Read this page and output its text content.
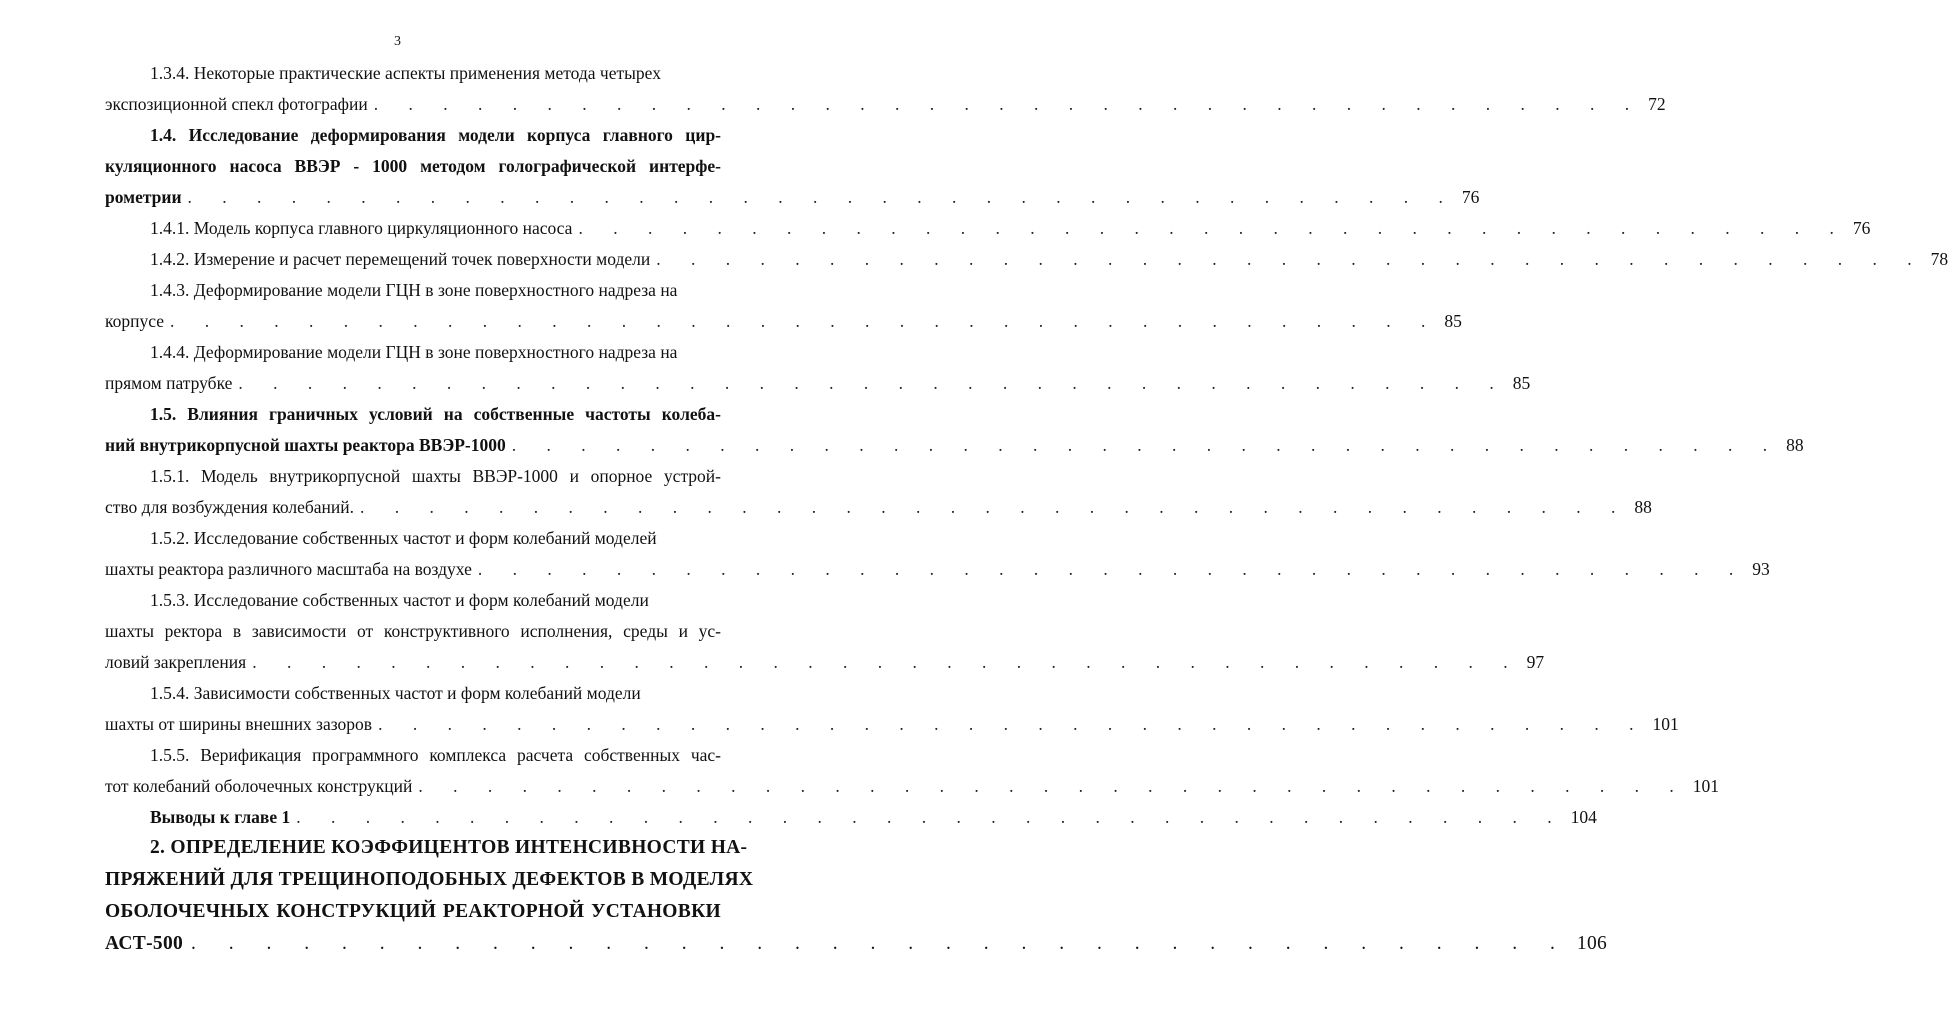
3
1.3.4. Некоторые практические аспекты применения метода четырех
экспозиционной спекл фотографии . . . . . . . . . . . . . . . . . . . . . . . . . . . . . . . . . . . . . 72
1.4. Исследование деформирования модели корпуса главного цир-
куляционного насоса ВВЭР - 1000 методом голографической интерфе-
рометрии . . . . . . . . . . . . . . . . . . . . . . . . . . . . . . . . . . . . . 76
1.4.1. Модель корпуса главного циркуляционного насоса . . . . . . . . . . . . . . . . . . . . . . . . . . . . . . . . . . . . . 76
1.4.2. Измерение и расчет перемещений точек поверхности модели . . . . . . . . . . . . . . . . . . . . . . . . . . . . . . . . . . . . . 78
1.4.3. Деформирование модели ГЦН в зоне поверхностного надреза на
корпусе . . . . . . . . . . . . . . . . . . . . . . . . . . . . . . . . . . . . . 85
1.4.4. Деформирование модели ГЦН в зоне поверхностного надреза на
прямом патрубке . . . . . . . . . . . . . . . . . . . . . . . . . . . . . . . . . . . . . 85
1.5. Влияния граничных условий на собственные частоты колеба-
ний внутрикорпусной шахты реактора ВВЭР-1000 . . . . . . . . . . . . . . . . . . . . . . . . . . . . . . . . . . . . . 88
1.5.1. Модель внутрикорпусной шахты ВВЭР-1000 и опорное устрой-
ство для возбуждения колебаний. . . . . . . . . . . . . . . . . . . . . . . . . . . . . . . . . . . . . . 88
1.5.2. Исследование собственных частот и форм колебаний моделей
шахты реактора различного масштаба на воздухе . . . . . . . . . . . . . . . . . . . . . . . . . . . . . . . . . . . . . 93
1.5.3. Исследование собственных частот и форм колебаний модели
шахты ректора в зависимости от конструктивного исполнения, среды и ус-
ловий закрепления . . . . . . . . . . . . . . . . . . . . . . . . . . . . . . . . . . . . . 97
1.5.4. Зависимости собственных частот и форм колебаний модели
шахты от ширины внешних зазоров . . . . . . . . . . . . . . . . . . . . . . . . . . . . . . . . . . . . . 101
1.5.5. Верификация программного комплекса расчета собственных час-
тот колебаний оболочечных конструкций . . . . . . . . . . . . . . . . . . . . . . . . . . . . . . . . . . . . . 101
Выводы к главе 1 . . . . . . . . . . . . . . . . . . . . . . . . . . . . . . . . . . . . . 104
2. ОПРЕДЕЛЕНИЕ КОЭФФИЦЕНТОВ ИНТЕНСИВНОСТИ НА-
ПРЯЖЕНИЙ ДЛЯ ТРЕЩИНОПОДОБНЫХ ДЕФЕКТОВ В МОДЕЛЯХ
ОБОЛОЧЕЧНЫХ КОНСТРУКЦИЙ РЕАКТОРНОЙ УСТАНОВКИ
АСТ-500 . . . . . . . . . . . . . . . . . . . . . . . . . . . . . . . . . . . . . 106
